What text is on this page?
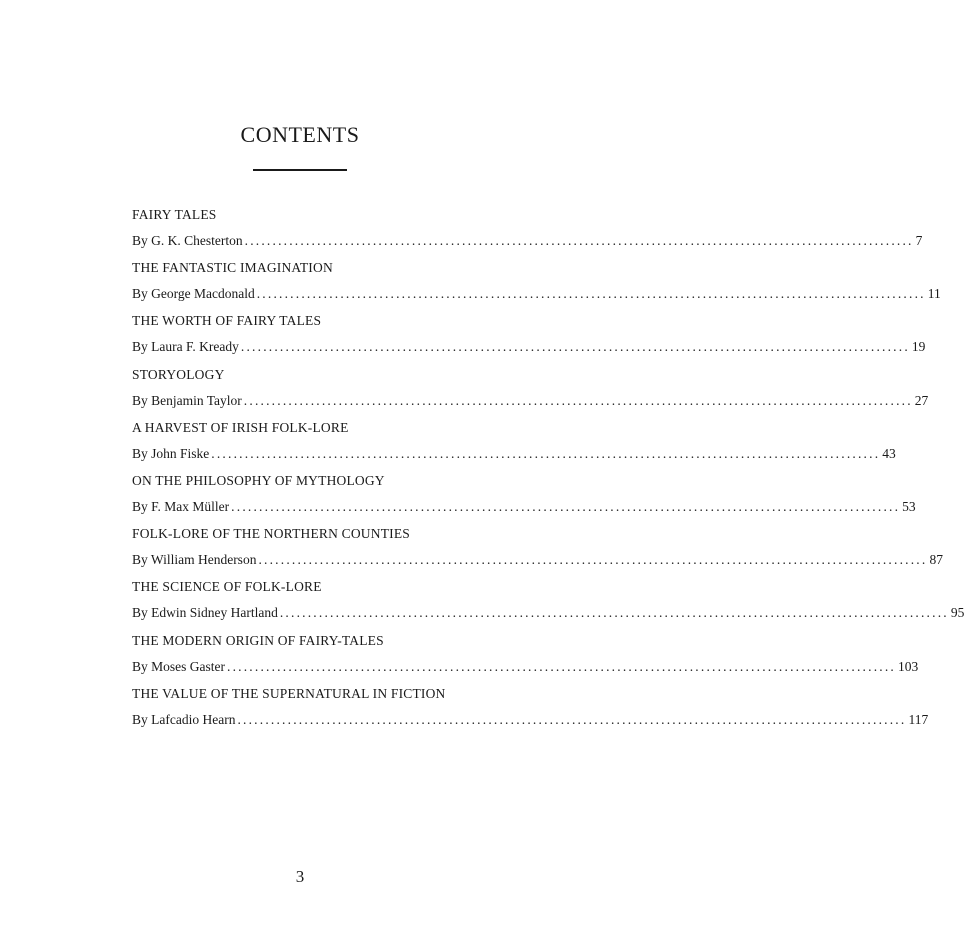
CONTENTS
FAIRY TALES
By G. K. Chesterton ........................................................................................................................ 7
THE FANTASTIC IMAGINATION
By George Macdonald ........................................................................................................................ 11
THE WORTH OF FAIRY TALES
By Laura F. Kready ........................................................................................................................ 19
STORYOLOGY
By Benjamin Taylor ........................................................................................................................ 27
A HARVEST OF IRISH FOLK-LORE
By John Fiske ........................................................................................................................ 43
ON THE PHILOSOPHY OF MYTHOLOGY
By F. Max Müller ........................................................................................................................ 53
FOLK-LORE OF THE NORTHERN COUNTIES
By William Henderson ........................................................................................................................ 87
THE SCIENCE OF FOLK-LORE
By Edwin Sidney Hartland ........................................................................................................................ 95
THE MODERN ORIGIN OF FAIRY-TALES
By Moses Gaster ........................................................................................................................ 103
THE VALUE OF THE SUPERNATURAL IN FICTION
By Lafcadio Hearn ........................................................................................................................ 117
3
